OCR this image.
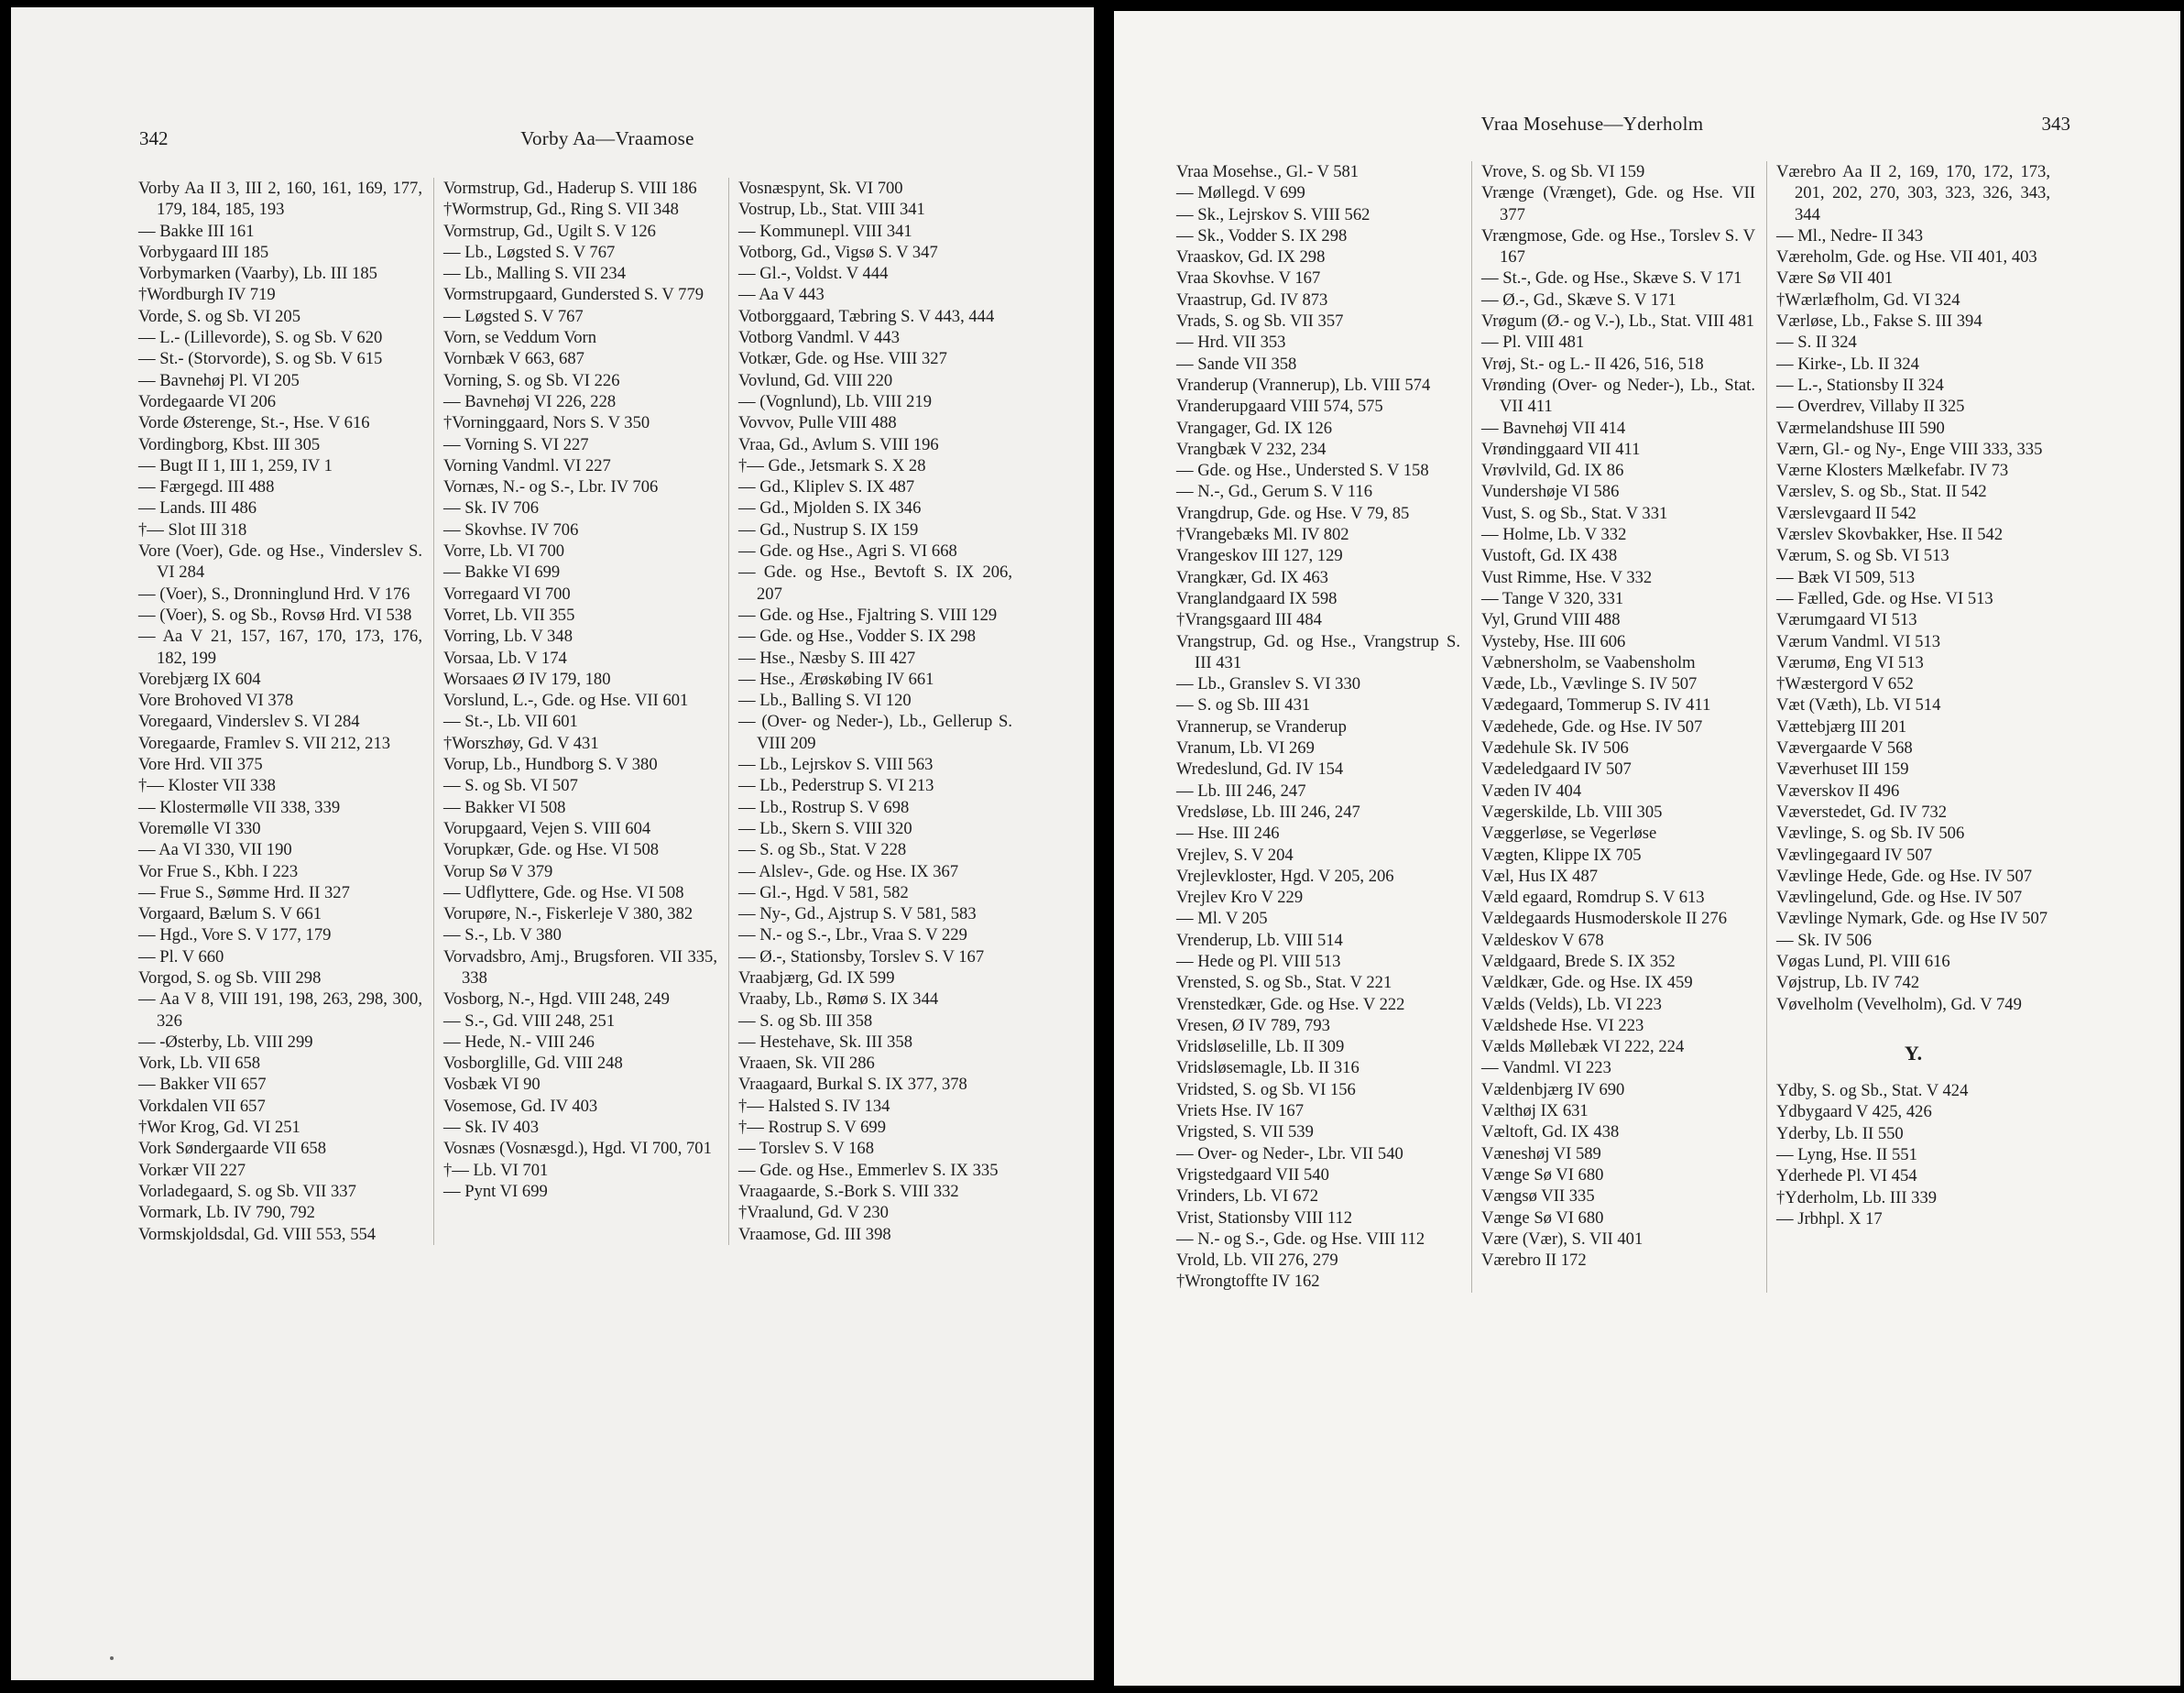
342	Vorby Aa—Vraamose
Vorby Aa II 3, III 2, 160, 161, 169, 177, 179, 184, 185, 193
— Bakke III 161
Vorbygaard III 185
Vorbymarken (Vaarby), Lb. III 185
†Wordburgh IV 719
Vorde, S. og Sb. VI 205
— L.- (Lillevorde), S. og Sb. V 620
— St.- (Storvorde), S. og Sb. V 615
— Bavnehøj Pl. VI 205
Vordegaarde VI 206
Vorde Østerenge, St.-, Hse. V 616
Vordingborg, Kbst. III 305
— Bugt II 1, III 1, 259, IV 1
— Færgegd. III 488
— Lands. III 486
†— Slot III 318
Vore (Voer), Gde. og Hse., Vinderslev S. VI 284
— (Voer), S., Dronninglund Hrd. V 176
— (Voer), S. og Sb., Rovsø Hrd. VI 538
— Aa V 21, 157, 167, 170, 173, 176, 182, 199
Vorebjærg IX 604
Vore Brohoved VI 378
Voregaard, Vinderslev S. VI 284
Voregaarde, Framlev S. VII 212, 213
Vore Hrd. VII 375
†— Kloster VII 338
— Klostermølle VII 338, 339
Voremølle VI 330
— Aa VI 330, VII 190
Vor Frue S., Kbh. I 223
— Frue S., Sømme Hrd. II 327
Vorgaard, Bælum S. V 661
— Hgd., Vore S. V 177, 179
— Pl. V 660
Vorgod, S. og Sb. VIII 298
— Aa V 8, VIII 191, 198, 263, 298, 300, 326
— -Østerby, Lb. VIII 299
Vork, Lb. VII 658
— Bakker VII 657
Vorkdalen VII 657
†Wor Krog, Gd. VI 251
Vork Søndergaarde VII 658
Vorkær VII 227
Vorladegaard, S. og Sb. VII 337
Vormark, Lb. IV 790, 792
Vormskjoldsdal, Gd. VIII 553, 554
Vormstrup, Gd., Haderup S. VIII 186
†Wormstrup, Gd., Ring S. VII 348
Vormstrup, Gd., Ugilt S. V 126
— Lb., Løgsted S. V 767
— Lb., Malling S. VII 234
Vormstrupgaard, Gundersted S. V 779
— Løgsted S. V 767
Vorn, se Veddum Vorn
Vornbæk V 663, 687
Vorning, S. og Sb. VI 226
— Bavnehøj VI 226, 228
†Vorninggaard, Nors S. V 350
— Vorning S. VI 227
Vorning Vandml. VI 227
Vornæs, N.- og S.-, Lbr. IV 706
— Sk. IV 706
— Skovhse. IV 706
Vorre, Lb. VI 700
— Bakke VI 699
Vorregaard VI 700
Vorret, Lb. VII 355
Vorring, Lb. V 348
Vorsaa, Lb. V 174
Worsaaes Ø IV 179, 180
Vorslund, L.-, Gde. og Hse. VII 601
— St.-, Lb. VII 601
†Worszhøy, Gd. V 431
Vorup, Lb., Hundborg S. V 380
— S. og Sb. VI 507
— Bakker VI 508
Vorupgaard, Vejen S. VIII 604
Vorupkær, Gde. og Hse. VI 508
Vorup Sø V 379
— Udflyttere, Gde. og Hse. VI 508
Vorupøre, N.-, Fiskerleje V 380, 382
— S.-, Lb. V 380
Vorvadsbro, Amj., Brugsforen. VII 335, 338
Vosborg, N.-, Hgd. VIII 248, 249
— S.-, Gd. VIII 248, 251
— Hede, N.- VIII 246
Vosborglille, Gd. VIII 248
Vosbæk VI 90
Vosemose, Gd. IV 403
— Sk. IV 403
Vosnæs (Vosnæsgd.), Hgd. VI 700, 701
†— Lb. VI 701
— Pynt VI 699
Vosnæspynt, Sk. VI 700
Vostrup, Lb., Stat. VIII 341
— Kommunepl. VIII 341
Votborg, Gd., Vigsø S. V 347
— Gl.-, Voldst. V 444
— Aa V 443
Votborggaard, Tæbring S. V 443, 444
Votborg Vandml. V 443
Votkær, Gde. og Hse. VIII 327
Vovlund, Gd. VIII 220
— (Vognlund), Lb. VIII 219
Vovvov, Pulle VIII 488
Vraa, Gd., Avlum S. VIII 196
†— Gde., Jetsmark S. X 28
— Gd., Kliplev S. IX 487
— Gd., Mjolden S. IX 346
— Gd., Nustrup S. IX 159
— Gde. og Hse., Agri S. VI 668
— Gde. og Hse., Bevtoft S. IX 206, 207
— Gde. og Hse., Fjaltring S. VIII 129
— Gde. og Hse., Vodder S. IX 298
— Hse., Næsby S. III 427
— Hse., Ærøskøbing IV 661
— Lb., Balling S. VI 120
— (Over- og Neder-), Lb., Gellerup S. VIII 209
— Lb., Lejrskov S. VIII 563
— Lb., Pederstrup S. VI 213
— Lb., Rostrup S. V 698
— Lb., Skern S. VIII 320
— S. og Sb., Stat. V 228
— Alslev-, Gde. og Hse. IX 367
— Gl.-, Hgd. V 581, 582
— Ny-, Gd., Ajstrup S. V 581, 583
— N.- og S.-, Lbr., Vraa S. V 229
— Ø.-, Stationsby, Torslev S. V 167
Vraabjærg, Gd. IX 599
Vraaby, Lb., Rømø S. IX 344
— S. og Sb. III 358
— Hestehave, Sk. III 358
Vraaen, Sk. VII 286
Vraagaard, Burkal S. IX 377, 378
†— Halsted S. IV 134
†— Rostrup S. V 699
— Torslev S. V 168
— Gde. og Hse., Emmerlev S. IX 335
Vraagaarde, S.-Bork S. VIII 332
†Vraalund, Gd. V 230
Vraamose, Gd. III 398
Vraa Mosehuse—Yderholm	343
Vraa Mosehse., Gl.- V 581
— Møllegd. V 699
— Sk., Lejrskov S. VIII 562
— Sk., Vodder S. IX 298
Vraaskov, Gd. IX 298
Vraa Skovhse. V 167
Vraastrup, Gd. IV 873
Vrads, S. og Sb. VII 357
— Hrd. VII 353
— Sande VII 358
Vranderup (Vrannerup), Lb. VIII 574
Vranderupgaard VIII 574, 575
Vrangager, Gd. IX 126
Vrangbæk V 232, 234
— Gde. og Hse., Understed S. V 158
— N.-, Gd., Gerum S. V 116
Vrangdrup, Gde. og Hse. V 79, 85
†Vrangebæks Ml. IV 802
Vrangeskov III 127, 129
Vrangkær, Gd. IX 463
Vranglandgaard IX 598
†Vrangsgaard III 484
Vrangstrup, Gd. og Hse., Vrangstrup S. III 431
— Lb., Granslev S. VI 330
— S. og Sb. III 431
Vrannerup, se Vranderup
Vranum, Lb. VI 269
Wredeslund, Gd. IV 154
— Lb. III 246, 247
Vredsløse, Lb. III 246, 247
— Hse. III 246
Vrejlev, S. V 204
Vrejlevkloster, Hgd. V 205, 206
Vrejlev Kro V 229
— Ml. V 205
Vrenderup, Lb. VIII 514
— Hede og Pl. VIII 513
Vrensted, S. og Sb., Stat. V 221
Vrenstedkær, Gde. og Hse. V 222
Vresen, Ø IV 789, 793
Vridsløselille, Lb. II 309
Vridsløsemagle, Lb. II 316
Vridsted, S. og Sb. VI 156
Vriets Hse. IV 167
Vrigsted, S. VII 539
— Over- og Neder-, Lbr. VII 540
Vrigstedgaard VII 540
Vrinders, Lb. VI 672
Vrist, Stationsby VIII 112
— N.- og S.-, Gde. og Hse. VIII 112
Vrold, Lb. VII 276, 279
†Wrongtoffte IV 162
Vrove, S. og Sb. VI 159
Vrænge (Vrænget), Gde. og Hse. VII 377
Vrængmose, Gde. og Hse., Torslev S. V 167
— St.-, Gde. og Hse., Skæve S. V 171
— Ø.-, Gd., Skæve S. V 171
Vrøgum (Ø.- og V.-), Lb., Stat. VIII 481
— Pl. VIII 481
Vrøj, St.- og L.- II 426, 516, 518
Vrønding (Over- og Neder-), Lb., Stat. VII 411
— Bavnehøj VII 414
Vrøndinggaard VII 411
Vrøvlvild, Gd. IX 86
Vundershøje VI 586
Vust, S. og Sb., Stat. V 331
— Holme, Lb. V 332
Vustoft, Gd. IX 438
Vust Rimme, Hse. V 332
— Tange V 320, 331
Vyl, Grund VIII 488
Vysteby, Hse. III 606
Væbnersholm, se Vaabensholm
Væde, Lb., Vævlinge S. IV 507
Vædegaard, Tommerup S. IV 411
Vædehede, Gde. og Hse. IV 507
Vædehule Sk. IV 506
Vædeledgaard IV 507
Væden IV 404
Vægerskilde, Lb. VIII 305
Væggerløse, se Vegerløse
Vægten, Klippe IX 705
Væl, Hus IX 487
Væld egaard, Romdrup S. V 613
Vældegaards Husmoderskole II 276
Vældeskov V 678
Vældgaard, Brede S. IX 352
Vældkær, Gde. og Hse. IX 459
Vælds (Velds), Lb. VI 223
Vældshede Hse. VI 223
Vælds Møllebæk VI 222, 224
— Vandml. VI 223
Vældenbjærg IV 690
Vælthøj IX 631
Væltoft, Gd. IX 438
Væneshøj VI 589
Vænge Sø VI 680
Vængsø VII 335
Vænge Sø VI 680
Være (Vær), S. VII 401
Værebro II 172
Værebro Aa II 2, 169, 170, 172, 173, 201, 202, 270, 303, 323, 326, 343, 344
— Ml., Nedre- II 343
Væreholm, Gde. og Hse. VII 401, 403
Være Sø VII 401
†Wærlæfholm, Gd. VI 324
Værløse, Lb., Fakse S. III 394
— S. II 324
— Kirke-, Lb. II 324
— L.-, Stationsby II 324
— Overdrev, Villaby II 325
Værmelandshuse III 590
Værn, Gl.- og Ny-, Enge VIII 333, 335
Værne Klosters Mælkefabr. IV 73
Værslev, S. og Sb., Stat. II 542
Værslevgaard II 542
Værslev Skovbakker, Hse. II 542
Værum, S. og Sb. VI 513
— Bæk VI 509, 513
— Fælled, Gde. og Hse. VI 513
Værumgaard VI 513
Værum Vandml. VI 513
Værumø, Eng VI 513
†Wæstergord V 652
Væt (Væth), Lb. VI 514
Vættebjærg III 201
Vævergaarde V 568
Væverhuset III 159
Væverskov II 496
Væverstedet, Gd. IV 732
Vævlinge, S. og Sb. IV 506
Vævlingegaard IV 507
Vævlinge Hede, Gde. og Hse. IV 507
Vævlingelund, Gde. og Hse. IV 507
Vævlinge Nymark, Gde. og Hse IV 507
— Sk. IV 506
Vøgas Lund, Pl. VIII 616
Vøjstrup, Lb. IV 742
Vøvelholm (Vevelholm), Gd. V 749
Y.
Ydby, S. og Sb., Stat. V 424
Ydbygaard V 425, 426
Yderby, Lb. II 550
— Lyng, Hse. II 551
Yderhede Pl. VI 454
†Yderholm, Lb. III 339
— Jrbhpl. X 17
